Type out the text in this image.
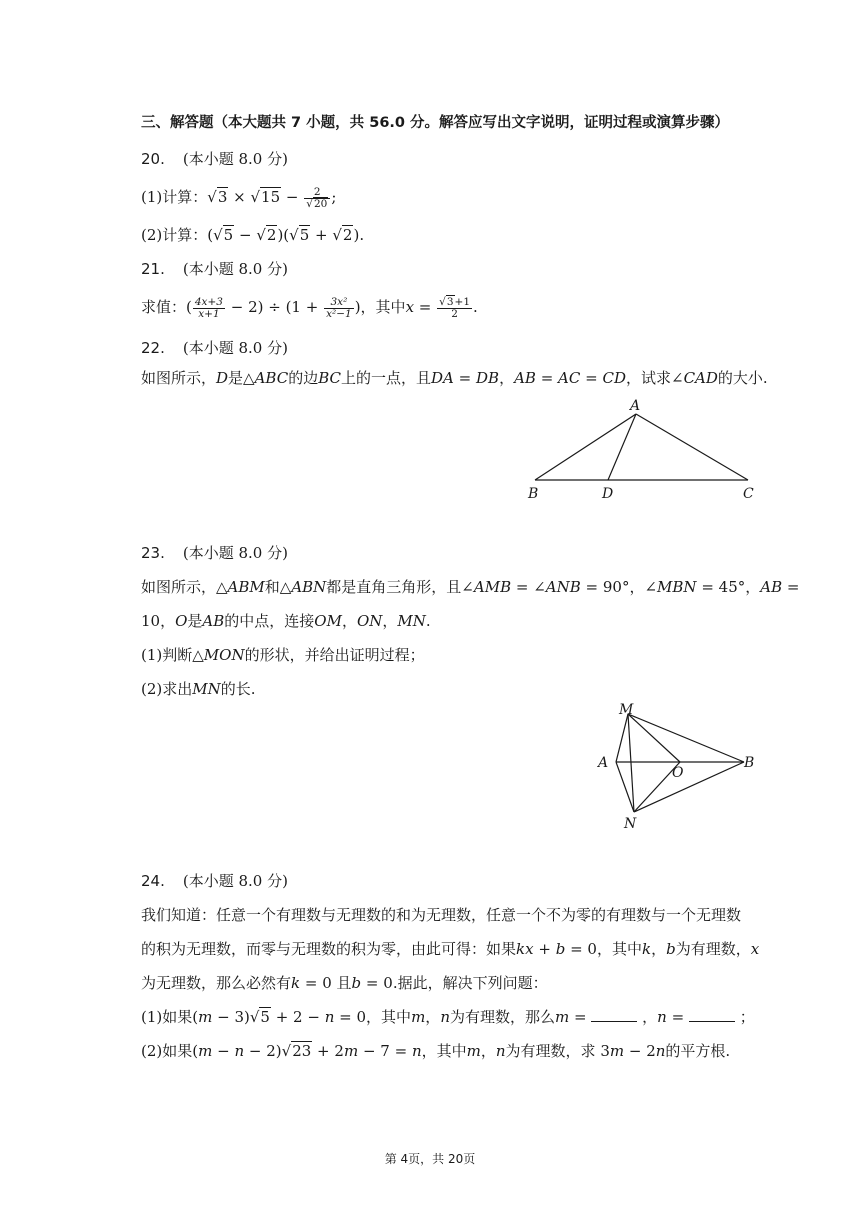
三、解答题（本大题共 7 小题，共 56.0 分。解答应写出文字说明，证明过程或演算步骤）
20. (本小题 8.0 分)
(1)计算：$√3 \times √15 - \frac{2}{√20}$ ;
(2)计算：(√5 − √2)(√5 + √2).
21. (本小题 8.0 分)
求值：( $\frac{4x+3}{x+1} - 2) \div (1 + \frac{\text{3x²}}{\text{x²−1}}$ )，其中$x = \frac{√3+1}{2}$ .
22. (本小题 8.0 分)
如图所示，D是△ABC的边BC上的一点，且DA = DB，AB = AC = CD，试求∠CAD的大小.
A
B	D	C
23. (本小题 8.0 分)
如图所示，△ABM和△ABN都是直角三角形，且∠AMB = ∠ANB = 90°，∠MBN = 45°，AB =
10，O是AB的中点，连接OM，ON，MN.
(1)判断△MON的形状，并给出证明过程；
(2)求出MN的长.
M
A
O
B
N
24. (本小题 8.0 分)
我们知道：任意一个有理数与无理数的和为无理数，任意一个不为零的有理数与一个无理数
的积为无理数，而零与无理数的积为零，由此可得：如果kx + b = 0，其中k，b为有理数，x
为无理数，那么必然有k = 0 且b = 0.据此，解决下列问题：
(1)如果(m − 3)√5 + 2 − n = 0，其中m，n为有理数，那么m =	，n =	；
(2)如果(m − n − 2)√23 + 2m − 7 = n，其中m，n为有理数，求 3m − 2n的平方根.
第 4页，共 20页
